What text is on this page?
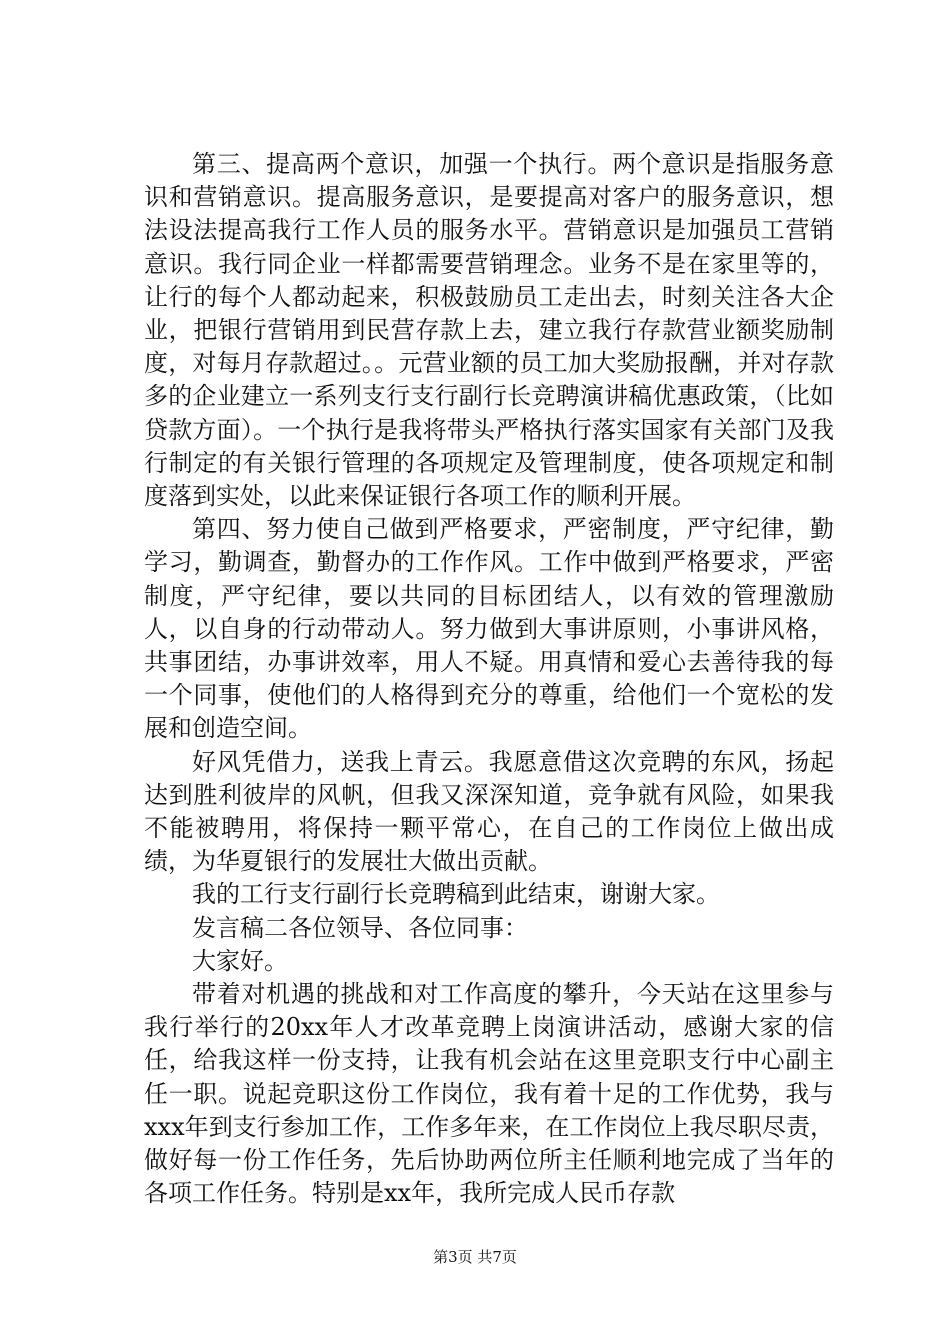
第三、提高两个意识，加强一个执行。两个意识是指服务意识和营销意识。提高服务意识，是要提高对客户的服务意识，想法设法提高我行工作人员的服务水平。营销意识是加强员工营销意识。我行同企业一样都需要营销理念。业务不是在家里等的，让行的每个人都动起来，积极鼓励员工走出去，时刻关注各大企业，把银行营销用到民营存款上去，建立我行存款营业额奖励制度，对每月存款超过。。元营业额的员工加大奖励报酬，并对存款多的企业建立一系列支行支行副行长竞聘演讲稿优惠政策，（比如贷款方面）。一个执行是我将带头严格执行落实国家有关部门及我行制定的有关银行管理的各项规定及管理制度，使各项规定和制度落到实处，以此来保证银行各项工作的顺利开展。

第四、努力使自己做到严格要求，严密制度，严守纪律，勤学习，勤调查，勤督办的工作作风。工作中做到严格要求，严密制度，严守纪律，要以共同的目标团结人，以有效的管理激励人，以自身的行动带动人。努力做到大事讲原则，小事讲风格，共事团结，办事讲效率，用人不疑。用真情和爱心去善待我的每一个同事，使他们的人格得到充分的尊重，给他们一个宽松的发展和创造空间。

好风凭借力，送我上青云。我愿意借这次竞聘的东风，扬起达到胜利彼岸的风帆，但我又深深知道，竞争就有风险，如果我不能被聘用，将保持一颗平常心，在自己的工作岗位上做出成绩，为华夏银行的发展壮大做出贡献。

我的工行支行副行长竞聘稿到此结束，谢谢大家。

发言稿二各位领导、各位同事：

大家好。

带着对机遇的挑战和对工作高度的攀升，今天站在这里参与我行举行的20xx年人才改革竞聘上岗演讲活动，感谢大家的信任，给我这样一份支持，让我有机会站在这里竞职支行中心副主任一职。说起竞职这份工作岗位，我有着十足的工作优势，我与xxx年到支行参加工作，工作多年来，在工作岗位上我尽职尽责，做好每一份工作任务，先后协助两位所主任顺利地完成了当年的各项工作任务。特别是xx年，我所完成人民币存款

第3页 共7页
